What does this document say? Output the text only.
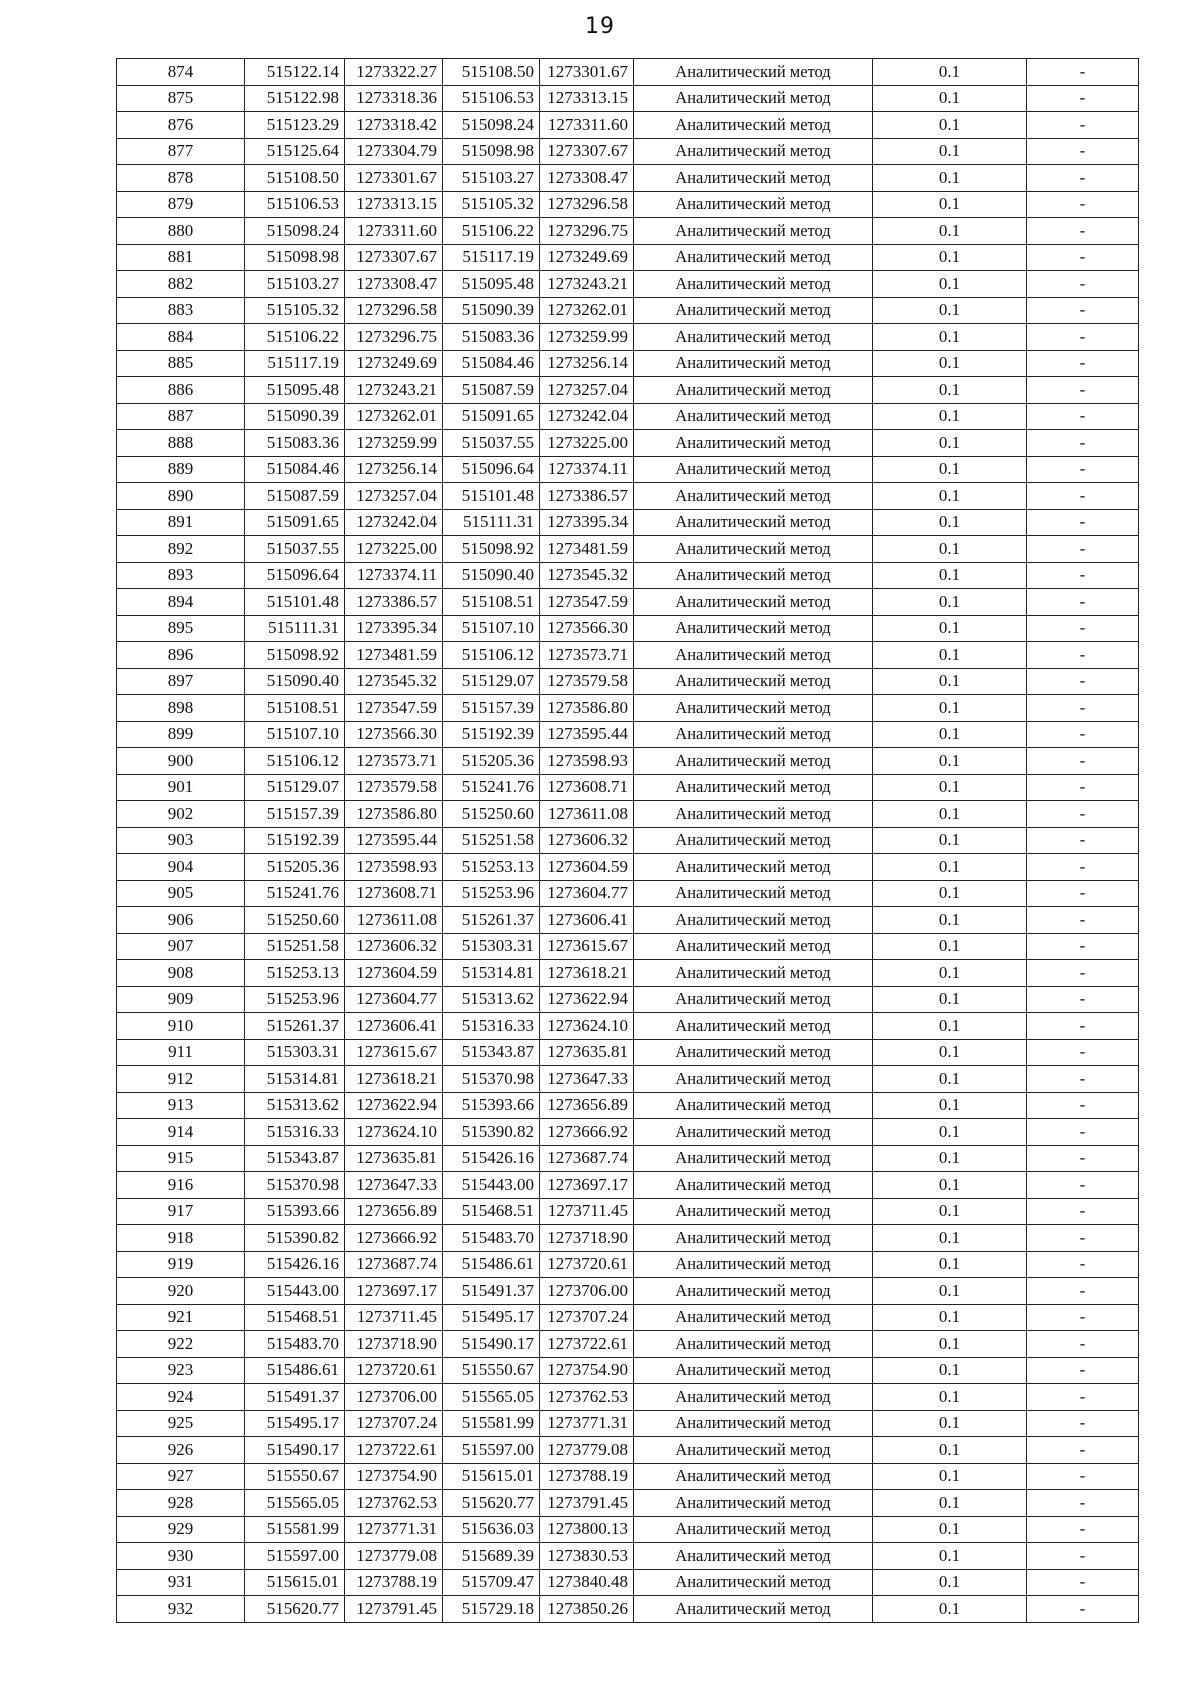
19
874	515122.14	1273322.27	515108.50	1273301.67	Аналитический метод	0.1	-
875	515122.98	1273318.36	515106.53	1273313.15	Аналитический метод	0.1	-
876	515123.29	1273318.42	515098.24	1273311.60	Аналитический метод	0.1	-
877	515125.64	1273304.79	515098.98	1273307.67	Аналитический метод	0.1	-
878	515108.50	1273301.67	515103.27	1273308.47	Аналитический метод	0.1	-
879	515106.53	1273313.15	515105.32	1273296.58	Аналитический метод	0.1	-
880	515098.24	1273311.60	515106.22	1273296.75	Аналитический метод	0.1	-
881	515098.98	1273307.67	515117.19	1273249.69	Аналитический метод	0.1	-
882	515103.27	1273308.47	515095.48	1273243.21	Аналитический метод	0.1	-
883	515105.32	1273296.58	515090.39	1273262.01	Аналитический метод	0.1	-
884	515106.22	1273296.75	515083.36	1273259.99	Аналитический метод	0.1	-
885	515117.19	1273249.69	515084.46	1273256.14	Аналитический метод	0.1	-
886	515095.48	1273243.21	515087.59	1273257.04	Аналитический метод	0.1	-
887	515090.39	1273262.01	515091.65	1273242.04	Аналитический метод	0.1	-
888	515083.36	1273259.99	515037.55	1273225.00	Аналитический метод	0.1	-
889	515084.46	1273256.14	515096.64	1273374.11	Аналитический метод	0.1	-
890	515087.59	1273257.04	515101.48	1273386.57	Аналитический метод	0.1	-
891	515091.65	1273242.04	515111.31	1273395.34	Аналитический метод	0.1	-
892	515037.55	1273225.00	515098.92	1273481.59	Аналитический метод	0.1	-
893	515096.64	1273374.11	515090.40	1273545.32	Аналитический метод	0.1	-
894	515101.48	1273386.57	515108.51	1273547.59	Аналитический метод	0.1	-
895	515111.31	1273395.34	515107.10	1273566.30	Аналитический метод	0.1	-
896	515098.92	1273481.59	515106.12	1273573.71	Аналитический метод	0.1	-
897	515090.40	1273545.32	515129.07	1273579.58	Аналитический метод	0.1	-
898	515108.51	1273547.59	515157.39	1273586.80	Аналитический метод	0.1	-
899	515107.10	1273566.30	515192.39	1273595.44	Аналитический метод	0.1	-
900	515106.12	1273573.71	515205.36	1273598.93	Аналитический метод	0.1	-
901	515129.07	1273579.58	515241.76	1273608.71	Аналитический метод	0.1	-
902	515157.39	1273586.80	515250.60	1273611.08	Аналитический метод	0.1	-
903	515192.39	1273595.44	515251.58	1273606.32	Аналитический метод	0.1	-
904	515205.36	1273598.93	515253.13	1273604.59	Аналитический метод	0.1	-
905	515241.76	1273608.71	515253.96	1273604.77	Аналитический метод	0.1	-
906	515250.60	1273611.08	515261.37	1273606.41	Аналитический метод	0.1	-
907	515251.58	1273606.32	515303.31	1273615.67	Аналитический метод	0.1	-
908	515253.13	1273604.59	515314.81	1273618.21	Аналитический метод	0.1	-
909	515253.96	1273604.77	515313.62	1273622.94	Аналитический метод	0.1	-
910	515261.37	1273606.41	515316.33	1273624.10	Аналитический метод	0.1	-
911	515303.31	1273615.67	515343.87	1273635.81	Аналитический метод	0.1	-
912	515314.81	1273618.21	515370.98	1273647.33	Аналитический метод	0.1	-
913	515313.62	1273622.94	515393.66	1273656.89	Аналитический метод	0.1	-
914	515316.33	1273624.10	515390.82	1273666.92	Аналитический метод	0.1	-
915	515343.87	1273635.81	515426.16	1273687.74	Аналитический метод	0.1	-
916	515370.98	1273647.33	515443.00	1273697.17	Аналитический метод	0.1	-
917	515393.66	1273656.89	515468.51	1273711.45	Аналитический метод	0.1	-
918	515390.82	1273666.92	515483.70	1273718.90	Аналитический метод	0.1	-
919	515426.16	1273687.74	515486.61	1273720.61	Аналитический метод	0.1	-
920	515443.00	1273697.17	515491.37	1273706.00	Аналитический метод	0.1	-
921	515468.51	1273711.45	515495.17	1273707.24	Аналитический метод	0.1	-
922	515483.70	1273718.90	515490.17	1273722.61	Аналитический метод	0.1	-
923	515486.61	1273720.61	515550.67	1273754.90	Аналитический метод	0.1	-
924	515491.37	1273706.00	515565.05	1273762.53	Аналитический метод	0.1	-
925	515495.17	1273707.24	515581.99	1273771.31	Аналитический метод	0.1	-
926	515490.17	1273722.61	515597.00	1273779.08	Аналитический метод	0.1	-
927	515550.67	1273754.90	515615.01	1273788.19	Аналитический метод	0.1	-
928	515565.05	1273762.53	515620.77	1273791.45	Аналитический метод	0.1	-
929	515581.99	1273771.31	515636.03	1273800.13	Аналитический метод	0.1	-
930	515597.00	1273779.08	515689.39	1273830.53	Аналитический метод	0.1	-
931	515615.01	1273788.19	515709.47	1273840.48	Аналитический метод	0.1	-
932	515620.77	1273791.45	515729.18	1273850.26	Аналитический метод	0.1	-
